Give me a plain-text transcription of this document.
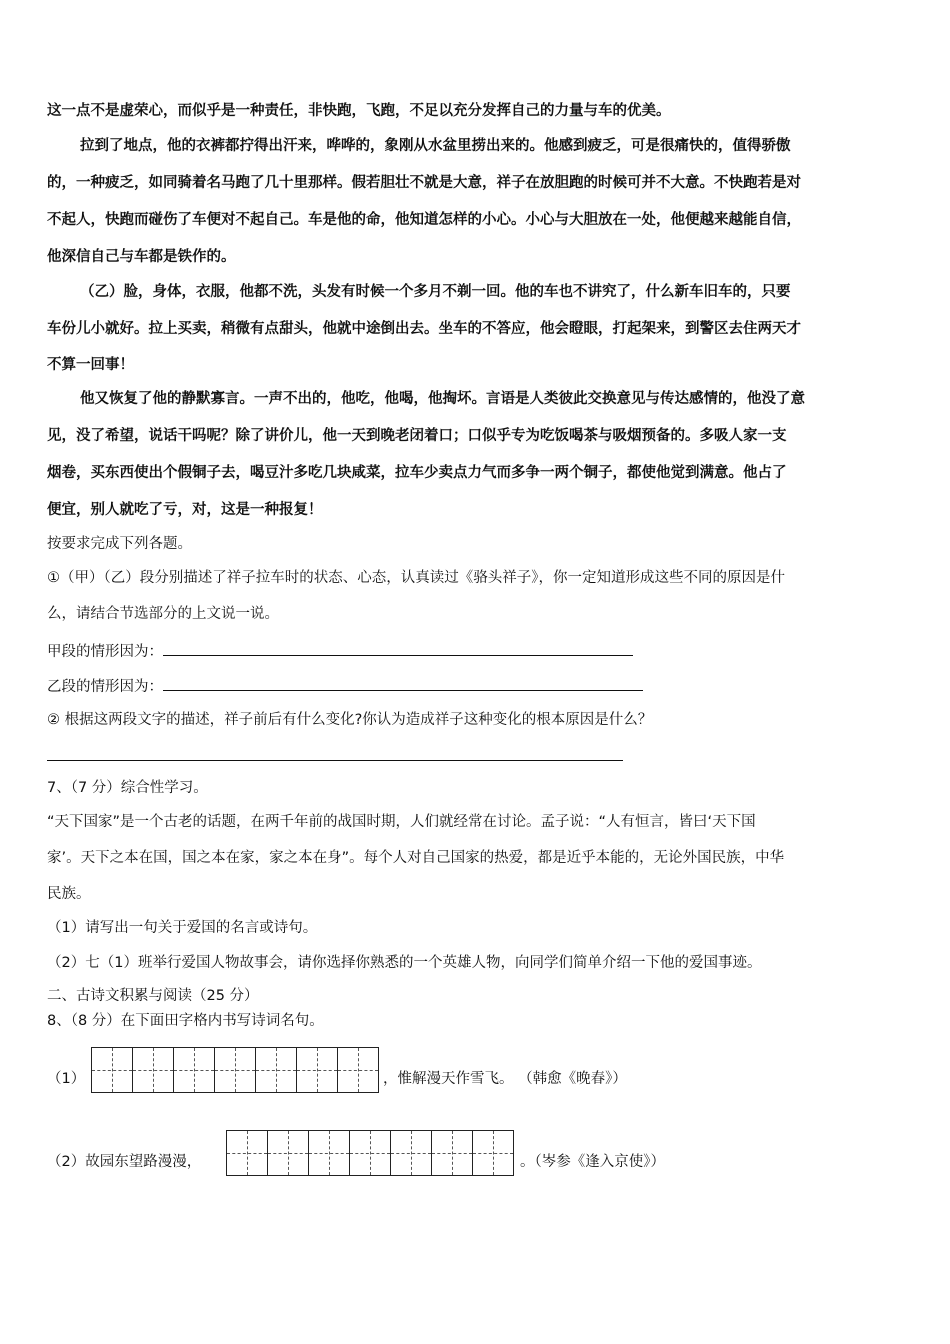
这一点不是虚荣心，而似乎是一种责任，非快跑，飞跑，不足以充分发挥自己的力量与车的优美。
拉到了地点，他的衣裤都拧得出汗来，哗哗的，象刚从水盆里捞出来的。他感到疲乏，可是很痛快的，值得骄傲
的，一种疲乏，如同骑着名马跑了几十里那样。假若胆壮不就是大意，祥子在放胆跑的时候可并不大意。不快跑若是对
不起人，快跑而碰伤了车便对不起自己。车是他的命，他知道怎样的小心。小心与大胆放在一处，他便越来越能自信，
他深信自己与车都是铁作的。
（乙）脸，身体，衣服，他都不洗，头发有时候一个多月不剃一回。他的车也不讲究了，什么新车旧车的，只要
车份儿小就好。拉上买卖，稍微有点甜头，他就中途倒出去。坐车的不答应，他会瞪眼，打起架来，到警区去住两天才
不算一回事！
他又恢复了他的静默寡言。一声不出的，他吃，他喝，他掏坏。言语是人类彼此交换意见与传达感情的，他没了意
见，没了希望，说话干吗呢？除了讲价儿，他一天到晚老闭着口；口似乎专为吃饭喝茶与吸烟预备的。多吸人家一支
烟卷，买东西使出个假铜子去，喝豆汁多吃几块咸菜，拉车少卖点力气而多争一两个铜子，都使他觉到满意。他占了
便宜，别人就吃了亏，对，这是一种报复！
按要求完成下列各题。
①（甲）（乙）段分别描述了祥子拉车时的状态、心态，认真读过《骆头祥子》，你一定知道形成这些不同的原因是什
么，请结合节选部分的上文说一说。
甲段的情形因为：
乙段的情形因为：
② 根据这两段文字的描述，祥子前后有什么变化?你认为造成祥子这种变化的根本原因是什么？
7、（7 分）综合性学习。
“天下国家”是一个古老的话题，在两千年前的战国时期，人们就经常在讨论。孟子说：“人有恒言，皆曰‘天下国
家’。天下之本在国，国之本在家，家之本在身”。每个人对自己国家的热爱，都是近乎本能的，无论外国民族，中华
民族。
（1）请写出一句关于爱国的名言或诗句。
（2）七（1）班举行爱国人物故事会，请你选择你熟悉的一个英雄人物，向同学们简单介绍一下他的爱国事迹。
二、古诗文积累与阅读（25 分）
8、（8 分）在下面田字格内书写诗词名句。
（1）	，惟解漫天作雪飞。 （韩愈《晚春》）
（2）故园东望路漫漫，	。（岑参《逢入京使》）
